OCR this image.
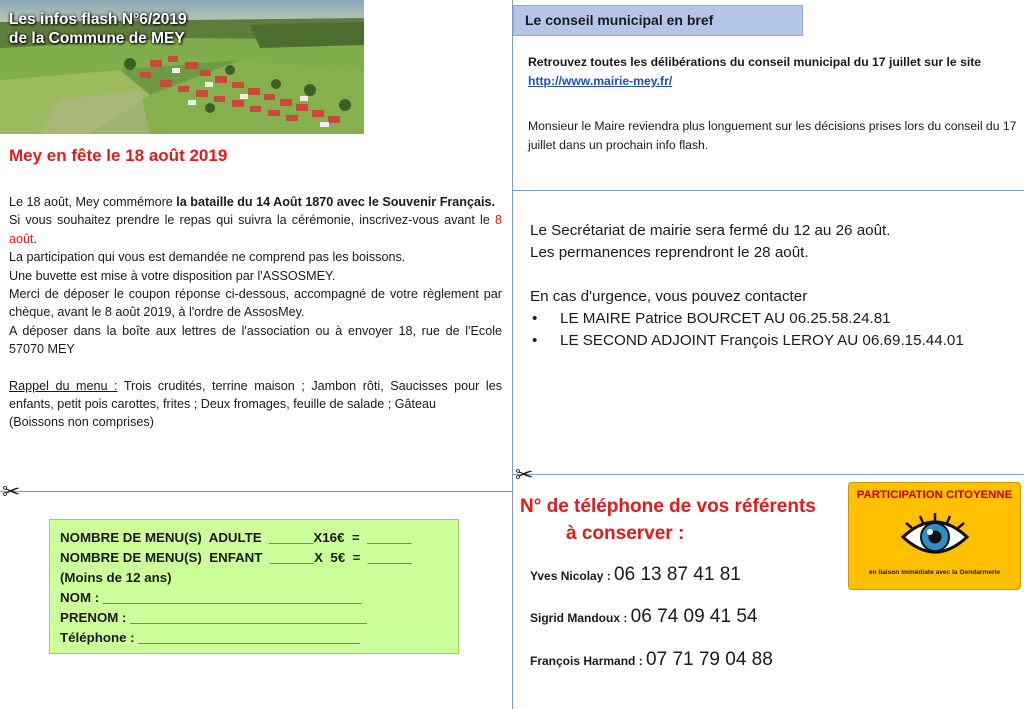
Les infos flash N°6/2019
de la Commune de MEY
Mey en fête le 18 août 2019

Le 18 août, Mey commémore la bataille du 14 Août 1870 avec le Souvenir Français.

Si vous souhaitez prendre le repas qui suivra la cérémonie, inscrivez-vous avant le 8 août.

La participation qui vous est demandée ne comprend pas les boissons.

Une buvette est mise à votre disposition par l'ASSOSMEY.

Merci de déposer le coupon réponse ci-dessous, accompagné de votre règlement par chèque, avant le 8 août 2019, à l'ordre de AssosMey.

A déposer dans la boîte aux lettres de l'association ou à envoyer 18, rue de l'Ecole 57070 MEY

Rappel du menu : Trois crudités, terrine maison ; Jambon rôti, Saucisses pour les enfants, petit pois carottes, frites ; Deux fromages, feuille de salade ; Gâteau

(Boissons non comprises)

✂
✂
NOMBRE DE MENU(S)  ADULTE  ______X16€  =  ______
NOMBRE DE MENU(S)  ENFANT  ______X  5€  =  ______
(Moins de 12 ans)
NOM : ___________________________________
PRENOM : ________________________________
Téléphone : ______________________________
Le conseil municipal en bref
Retrouvez toutes les délibérations du conseil municipal du 17 juillet sur le site http://www.mairie-mey.fr/
Monsieur le Maire reviendra plus longuement sur les décisions prises lors du conseil du 17 juillet dans un prochain info flash.
Le Secrétariat de mairie sera fermé du 12 au 26 août.
Les permanences reprendront le 28 août.
En cas d'urgence, vous pouvez contacter
• LE MAIRE Patrice BOURCET AU 06.25.58.24.81
• LE SECOND ADJOINT François LEROY AU 06.69.15.44.01
N° de téléphone de vos référents
à conserver :
Yves Nicolay : 06 13 87 41 81
Sigrid Mandoux : 06 74 09 41 54
François Harmand : 07 71 79 04 88
PARTICIPATION CITOYENNE
en liaison immédiate avec la Gendarmerie
